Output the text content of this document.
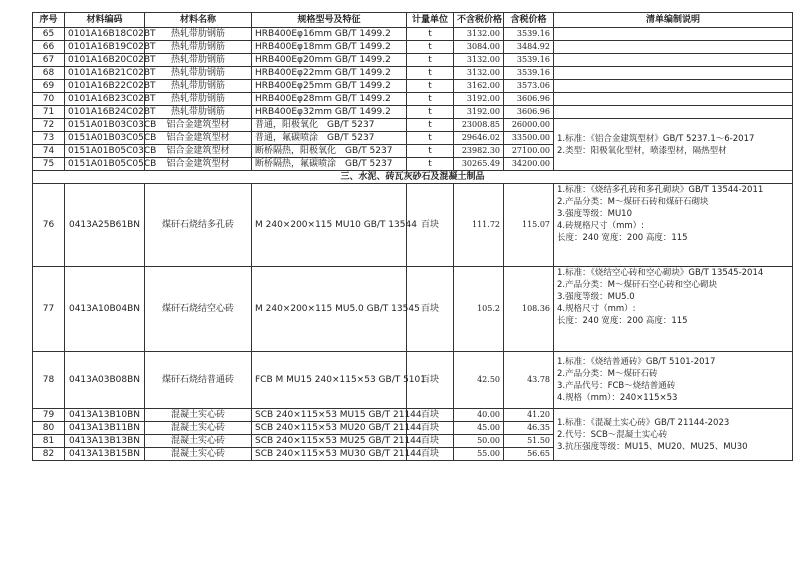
序号	材料编码	材料名称	规格型号及特征	计量单位	不含税价格	含税价格	清单编制说明
65	0101A16B18C02BT	热轧带肋钢筋	HRB400Eφ16mm GB/T 1499.2	t	3132.00	3539.16	
66	0101A16B19C02BT	热轧带肋钢筋	HRB400Eφ18mm GB/T 1499.2	t	3084.00	3484.92	
67	0101A16B20C02BT	热轧带肋钢筋	HRB400Eφ20mm GB/T 1499.2	t	3132.00	3539.16	
68	0101A16B21C02BT	热轧带肋钢筋	HRB400Eφ22mm GB/T 1499.2	t	3132.00	3539.16	
69	0101A16B22C02BT	热轧带肋钢筋	HRB400Eφ25mm GB/T 1499.2	t	3162.00	3573.06	
70	0101A16B23C02BT	热轧带肋钢筋	HRB400Eφ28mm GB/T 1499.2	t	3192.00	3606.96	
71	0101A16B24C02BT	热轧带肋钢筋	HRB400Eφ32mm GB/T 1499.2	t	3192.00	3606.96	
72	0151A01B03C03CB	铝合金建筑型材	普通，阳极氧化　GB/T 5237	t	23008.85	26000.00	1.标准：《铝合金建筑型材》GB/T 5237.1～6-2017
2.类型：阳极氧化型材，喷漆型材，隔热型材

73	0151A01B03C05CB	铝合金建筑型材	普通，氟碳喷涂　GB/T 5237	t	29646.02	33500.00	
74	0151A01B05C03CB	铝合金建筑型材	断桥隔热，阳极氧化　GB/T 5237	t	23982.30	27100.00	
75	0151A01B05C05CB	铝合金建筑型材	断桥隔热，氟碳喷涂　GB/T 5237	t	30265.49	34200.00	
三、水泥、砖瓦灰砂石及混凝土制品							
76	0413A25B61BN	煤矸石烧结多孔砖	M 240×200×115 MU10 GB/T 13544	百块	111.72	115.07	1.标准：《烧结多孔砖和多孔砌块》GB/T 13544-2011
2.产品分类：M～煤矸石砖和煤矸石砌块
3.强度等级：MU10
4.砖规格尺寸（mm）:
长度：240 宽度：200 高度：115

77	0413A10B04BN	煤矸石烧结空心砖	M 240×200×115 MU5.0 GB/T 13545	百块	105.2	108.36	1.标准：《烧结空心砖和空心砌块》GB/T 13545-2014
2.产品分类：M～煤矸石空心砖和空心砌块
3.强度等级：MU5.0
4.规格尺寸（mm）:
长度：240 宽度：200 高度：115

78	0413A03B08BN	煤矸石烧结普通砖	FCB M MU15 240×115×53 GB/T 5101	百块	42.50	43.78	1.标准：《烧结普通砖》GB/T 5101-2017
2.产品分类：M～煤矸石砖
3.产品代号：FCB～烧结普通砖
4.规格（mm）：240×115×53

79	0413A13B10BN	混凝土实心砖	SCB 240×115×53 MU15 GB/T 21144	百块	40.00	41.20	1.标准：《混凝土实心砖》GB/T 21144-2023
2.代号：SCB～混凝土实心砖
3.抗压强度等级：MU15、MU20、MU25、MU30

80	0413A13B11BN	混凝土实心砖	SCB 240×115×53 MU20 GB/T 21144	百块	45.00	46.35	
81	0413A13B13BN	混凝土实心砖	SCB 240×115×53 MU25 GB/T 21144	百块	50.00	51.50	
82	0413A13B15BN	混凝土实心砖	SCB 240×115×53 MU30 GB/T 21144	百块	55.00	56.65	
